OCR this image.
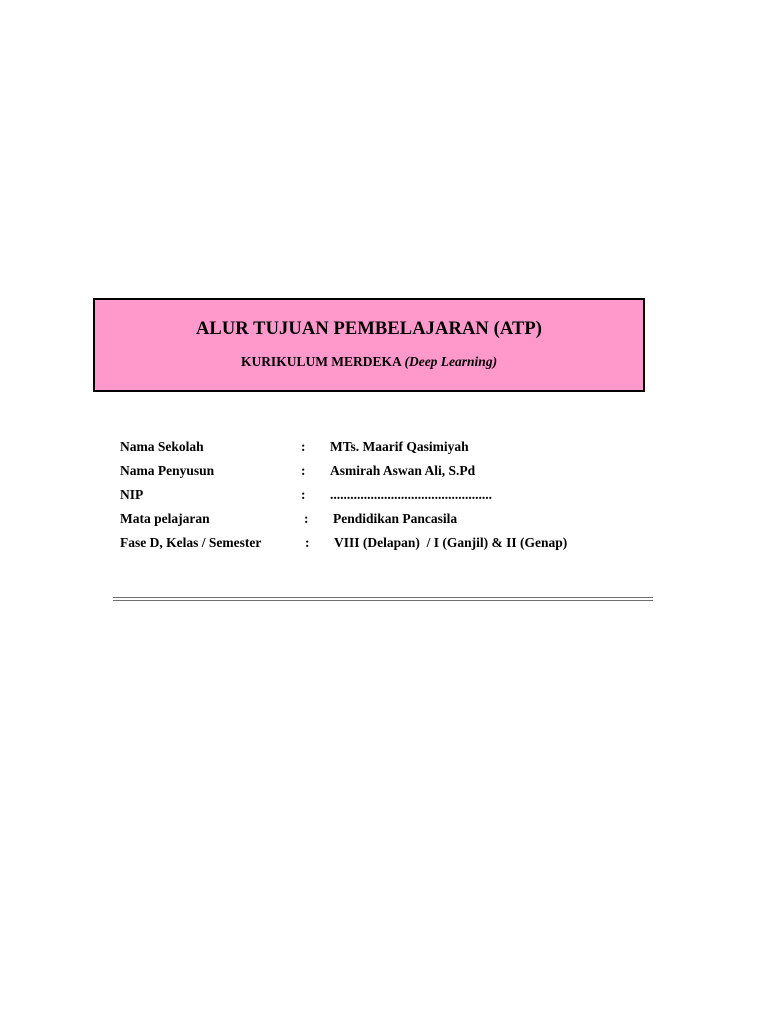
ALUR TUJUAN PEMBELAJARAN (ATP)
KURIKULUM MERDEKA (Deep Learning)
Nama Sekolah	: MTs. Maarif Qasimiyah
Nama Penyusun	: Asmirah Aswan Ali, S.Pd
NIP	: ................................................
Mata pelajaran	: Pendidikan Pancasila
Fase D, Kelas / Semester	: VIII (Delapan)  / I (Ganjil) & II (Genap)
